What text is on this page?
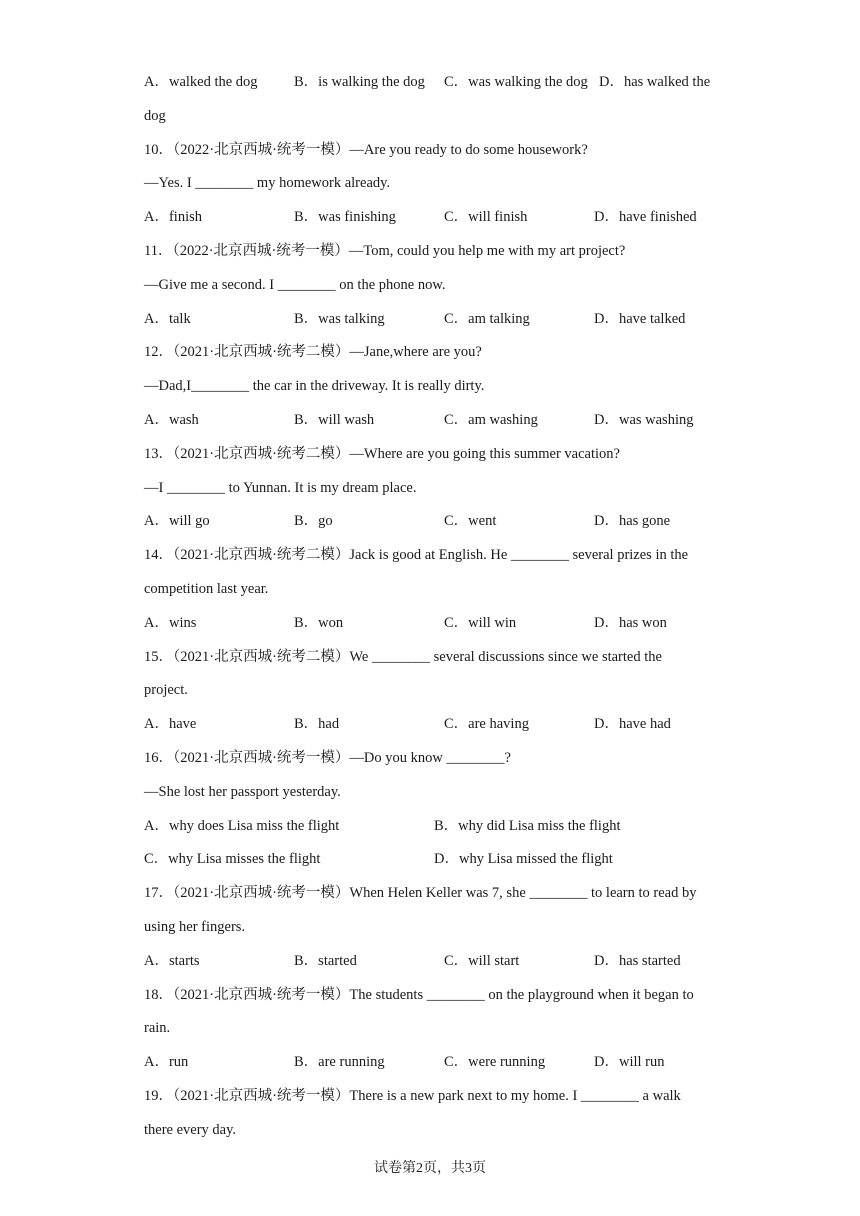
A．walked the dog	B．is walking the dog	C．was walking the dog D．has walked the
dog
10．（2022·北京西城·统考一模）—Are you ready to do some housework?
—Yes. I ________ my homework already.
A．finish	B．was finishing	C．will finish	D．have finished
11．（2022·北京西城·统考一模）—Tom, could you help me with my art project?
—Give me a second. I ________ on the phone now.
A．talk	B．was talking	C．am talking	D．have talked
12．（2021·北京西城·统考二模）—Jane,where are you?
—Dad,I________ the car in the driveway. It is really dirty.
A．wash	B．will wash	C．am washing	D．was washing
13．（2021·北京西城·统考二模）—Where are you going this summer vacation?
—I ________ to Yunnan. It is my dream place.
A．will go	B．go	C．went	D．has gone
14．（2021·北京西城·统考二模）Jack is good at English. He ________ several prizes in the
competition last year.
A．wins	B．won	C．will win	D．has won
15．（2021·北京西城·统考二模）We ________ several discussions since we started the
project.
A．have	B．had	C．are having	D．have had
16．（2021·北京西城·统考一模）—Do you know ________?
—She lost her passport yesterday.
A．why does Lisa miss the flight	B．why did Lisa miss the flight
C．why Lisa misses the flight	D．why Lisa missed the flight
17．（2021·北京西城·统考一模）When Helen Keller was 7, she ________ to learn to read by
using her fingers.
A．starts	B．started	C．will start	D．has started
18．（2021·北京西城·统考一模）The students ________ on the playground when it began to
rain.
A．run	B．are running	C．were running	D．will run
19．（2021·北京西城·统考一模）There is a new park next to my home. I ________ a walk
there every day.
试卷第2页，共3页
